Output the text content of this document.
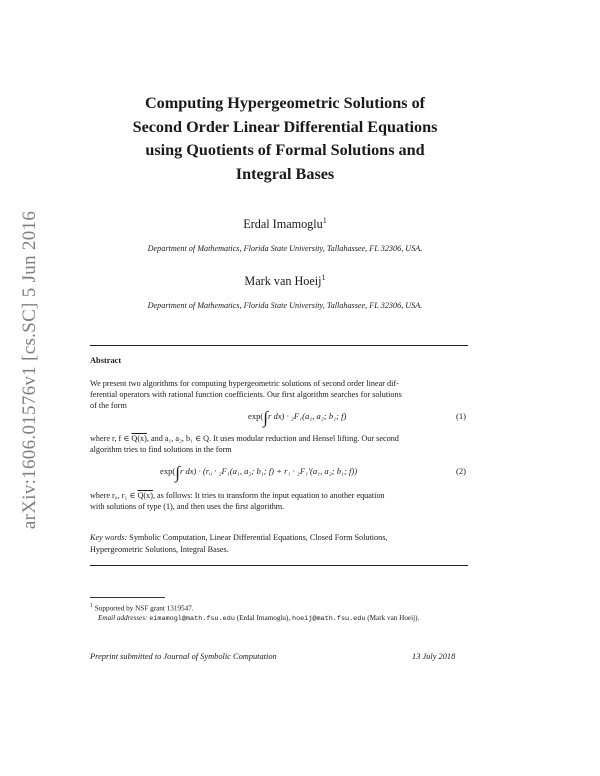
arXiv:1606.01576v1 [cs.SC] 5 Jun 2016
Computing Hypergeometric Solutions of
Second Order Linear Differential Equations
using Quotients of Formal Solutions and
Integral Bases
Erdal Imamoglu$^1$
Department of Mathematics, Florida State University, Tallahassee, FL 32306, USA.
Mark van Hoeij$^1$
Department of Mathematics, Florida State University, Tallahassee, FL 32306, USA.
Abstract
We present two algorithms for computing hypergeometric solutions of second order linear dif-
ferential operators with rational function coefficients. Our first algorithm searches for solutions
of the form
exp(∫r dx) · ₂F₁(a₁, a₂; b₁; f)	(1)
where r, f ∈ Q(x), and a₁, a₂, b₁ ∈ Q. It uses modular reduction and Hensel lifting. Our second
algorithm tries to find solutions in the form
exp(∫r dx) · (r₀ · ₂F₁(a₁, a₂; b₁; f) + r₁ · ₂F₁′(a₁, a₂; b₁; f))	(2)
where r₀, r₁ ∈ Q(x), as follows: It tries to transform the input equation to another equation
with solutions of type (1), and then uses the first algorithm.
Key words: Symbolic Computation, Linear Differential Equations, Closed Form Solutions,
Hypergeometric Solutions, Integral Bases.
$^1$ Supported by NSF grant 1319547.
Email addresses: eimamogl@math.fsu.edu (Erdal Imamoglu), hoeij@math.fsu.edu (Mark van Hoeij).
Preprint submitted to Journal of Symbolic Computation	13 July 2018
